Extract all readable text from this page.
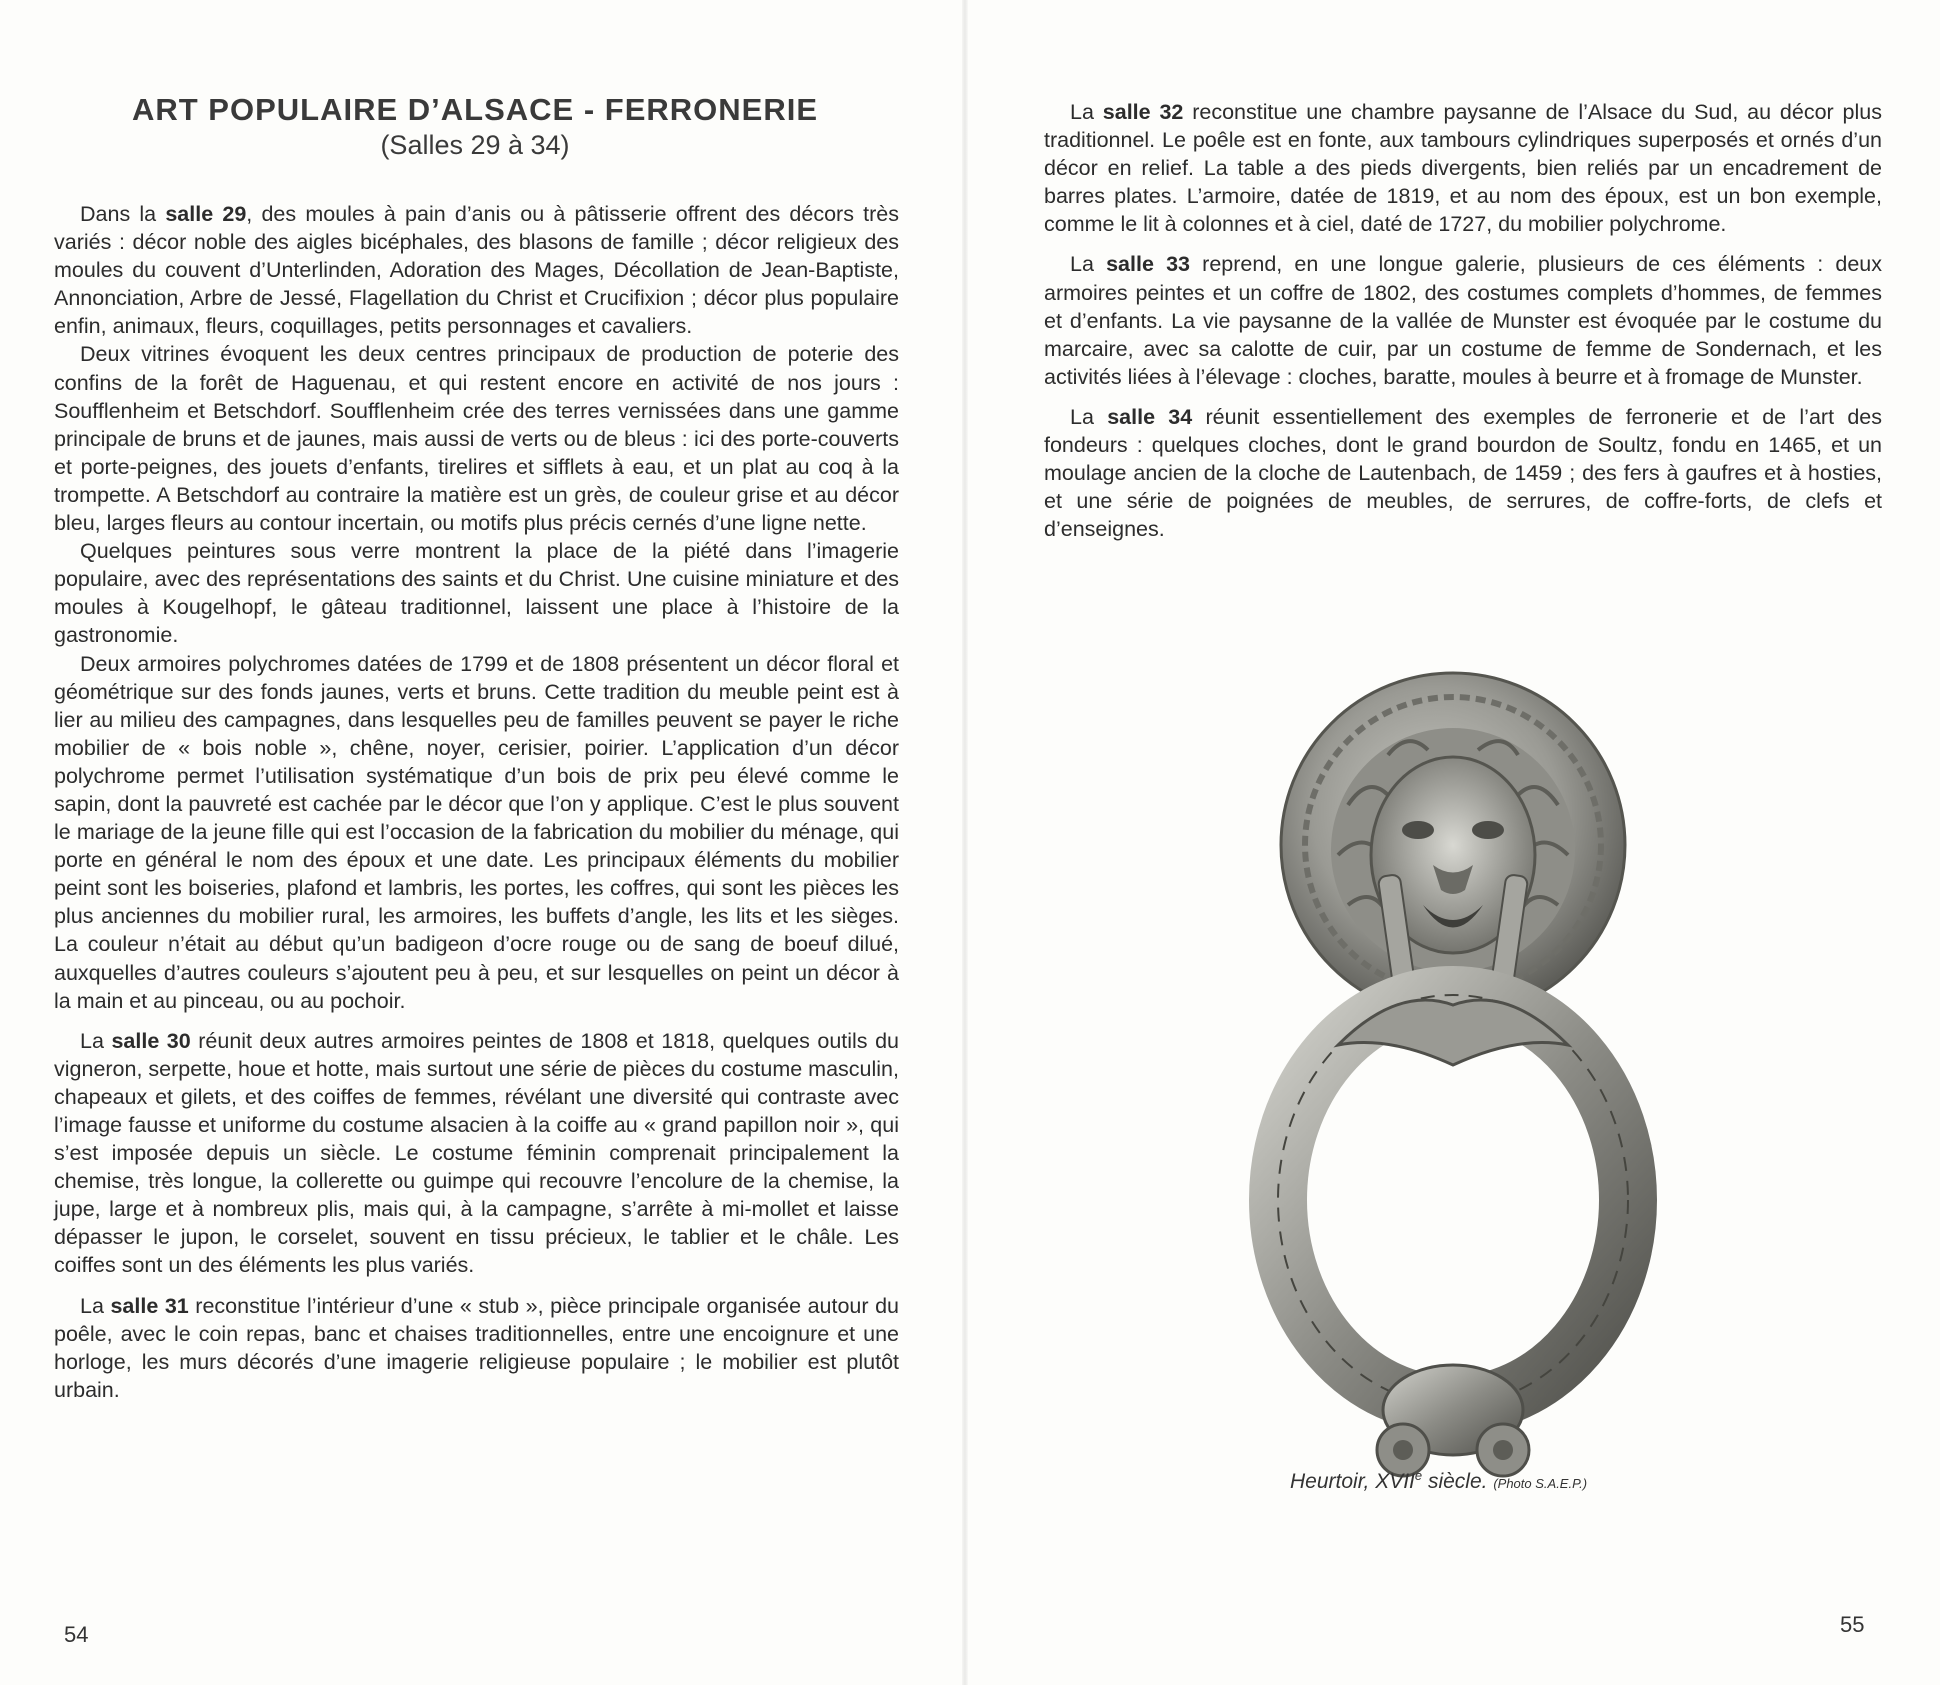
ART POPULAIRE D’ALSACE - FERRONERIE
(Salles 29 à 34)

Dans la salle 29, des moules à pain d’anis ou à pâtisserie offrent des décors très variés : décor noble des aigles bicéphales, des blasons de famille ; décor religieux des moules du couvent d’Unterlinden, Adoration des Mages, Décollation de Jean-Baptiste, Annonciation, Arbre de Jessé, Flagellation du Christ et Crucifixion ; décor plus populaire enfin, animaux, fleurs, coquillages, petits personnages et cavaliers.

Deux vitrines évoquent les deux centres principaux de production de poterie des confins de la forêt de Haguenau, et qui restent encore en activité de nos jours : Soufflenheim et Betschdorf. Soufflenheim crée des terres vernissées dans une gamme principale de bruns et de jaunes, mais aussi de verts ou de bleus : ici des porte-couverts et porte-peignes, des jouets d’enfants, tirelires et sifflets à eau, et un plat au coq à la trompette. A Betschdorf au contraire la matière est un grès, de couleur grise et au décor bleu, larges fleurs au contour incertain, ou motifs plus précis cernés d’une ligne nette.

Quelques peintures sous verre montrent la place de la piété dans l’imagerie populaire, avec des représentations des saints et du Christ. Une cuisine miniature et des moules à Kougelhopf, le gâteau traditionnel, laissent une place à l’histoire de la gastronomie.

Deux armoires polychromes datées de 1799 et de 1808 présentent un décor floral et géométrique sur des fonds jaunes, verts et bruns. Cette tradition du meuble peint est à lier au milieu des campagnes, dans lesquelles peu de familles peuvent se payer le riche mobilier de « bois noble », chêne, noyer, cerisier, poirier. L’application d’un décor polychrome permet l’utilisation systématique d’un bois de prix peu élevé comme le sapin, dont la pauvreté est cachée par le décor que l’on y applique. C’est le plus souvent le mariage de la jeune fille qui est l’occasion de la fabrication du mobilier du ménage, qui porte en général le nom des époux et une date. Les principaux éléments du mobilier peint sont les boiseries, plafond et lambris, les portes, les coffres, qui sont les pièces les plus anciennes du mobilier rural, les armoires, les buffets d’angle, les lits et les sièges. La couleur n’était au début qu’un badigeon d’ocre rouge ou de sang de boeuf dilué, auxquelles d’autres couleurs s’ajoutent peu à peu, et sur lesquelles on peint un décor à la main et au pinceau, ou au pochoir.

La salle 30 réunit deux autres armoires peintes de 1808 et 1818, quelques outils du vigneron, serpette, houe et hotte, mais surtout une série de pièces du costume masculin, chapeaux et gilets, et des coiffes de femmes, révélant une diversité qui contraste avec l’image fausse et uniforme du costume alsacien à la coiffe au « grand papillon noir », qui s’est imposée depuis un siècle. Le costume féminin comprenait principalement la chemise, très longue, la collerette ou guimpe qui recouvre l’encolure de la chemise, la jupe, large et à nombreux plis, mais qui, à la campagne, s’arrête à mi-mollet et laisse dépasser le jupon, le corselet, souvent en tissu précieux, le tablier et le châle. Les coiffes sont un des éléments les plus variés.

La salle 31 reconstitue l’intérieur d’une « stub », pièce principale organisée autour du poêle, avec le coin repas, banc et chaises traditionnelles, entre une encoignure et une horloge, les murs décorés d’une imagerie religieuse populaire ; le mobilier est plutôt urbain.

54

La salle 32 reconstitue une chambre paysanne de l’Alsace du Sud, au décor plus traditionnel. Le poêle est en fonte, aux tambours cylindriques superposés et ornés d’un décor en relief. La table a des pieds divergents, bien reliés par un encadrement de barres plates. L’armoire, datée de 1819, et au nom des époux, est un bon exemple, comme le lit à colonnes et à ciel, daté de 1727, du mobilier polychrome.

La salle 33 reprend, en une longue galerie, plusieurs de ces éléments : deux armoires peintes et un coffre de 1802, des costumes complets d’hommes, de femmes et d’enfants. La vie paysanne de la vallée de Munster est évoquée par le costume du marcaire, avec sa calotte de cuir, par un costume de femme de Sondernach, et les activités liées à l’élevage : cloches, baratte, moules à beurre et à fromage de Munster.

La salle 34 réunit essentiellement des exemples de ferronerie et de l’art des fondeurs : quelques cloches, dont le grand bourdon de Soultz, fondu en 1465, et un moulage ancien de la cloche de Lautenbach, de 1459 ; des fers à gaufres et à hosties, et une série de poignées de meubles, de serrures, de coffre-forts, de clefs et d’enseignes.

Heurtoir, XVIIe siècle. (Photo S.A.E.P.)
55
